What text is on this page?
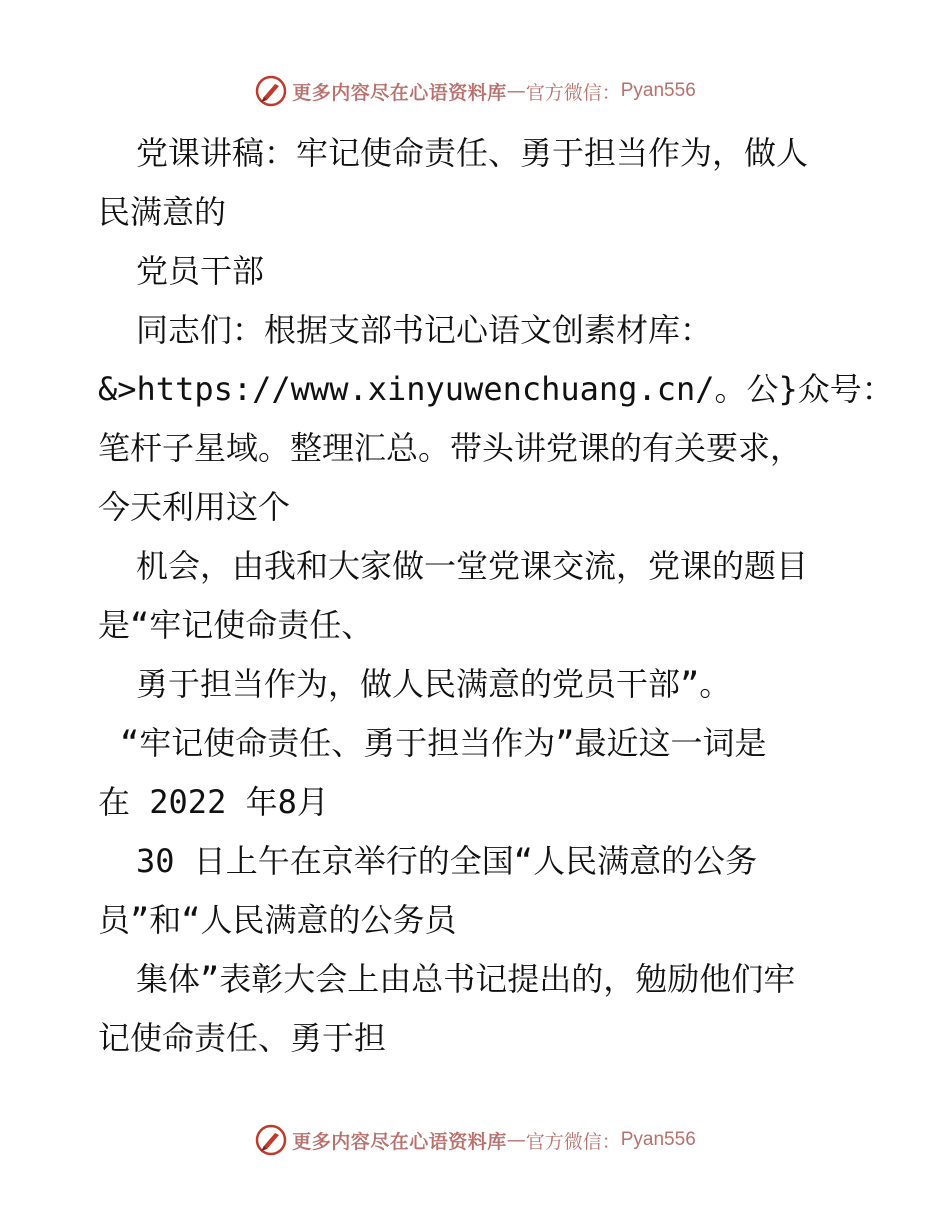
更多内容尽在心语资料库 — 官方微信： Pyan556
党课讲稿：牢记使命责任、勇于担当作为，做人
民满意的
党员干部
同志们：根据支部书记心语文创素材库：
&>https://www.xinyuwenchuang.cn/。公}众号：
笔杆子星域。整理汇总。带头讲党课的有关要求，
今天利用这个
机会，由我和大家做一堂党课交流，党课的题目
是“牢记使命责任、
勇于担当作为，做人民满意的党员干部”。
“牢记使命责任、勇于担当作为”最近这一词是
在 2022 年8月
30 日上午在京举行的全国“人民满意的公务
员”和“人民满意的公务员
集体”表彰大会上由总书记提出的，勉励他们牢
记使命责任、勇于担
更多内容尽在心语资料库 — 官方微信： Pyan556
